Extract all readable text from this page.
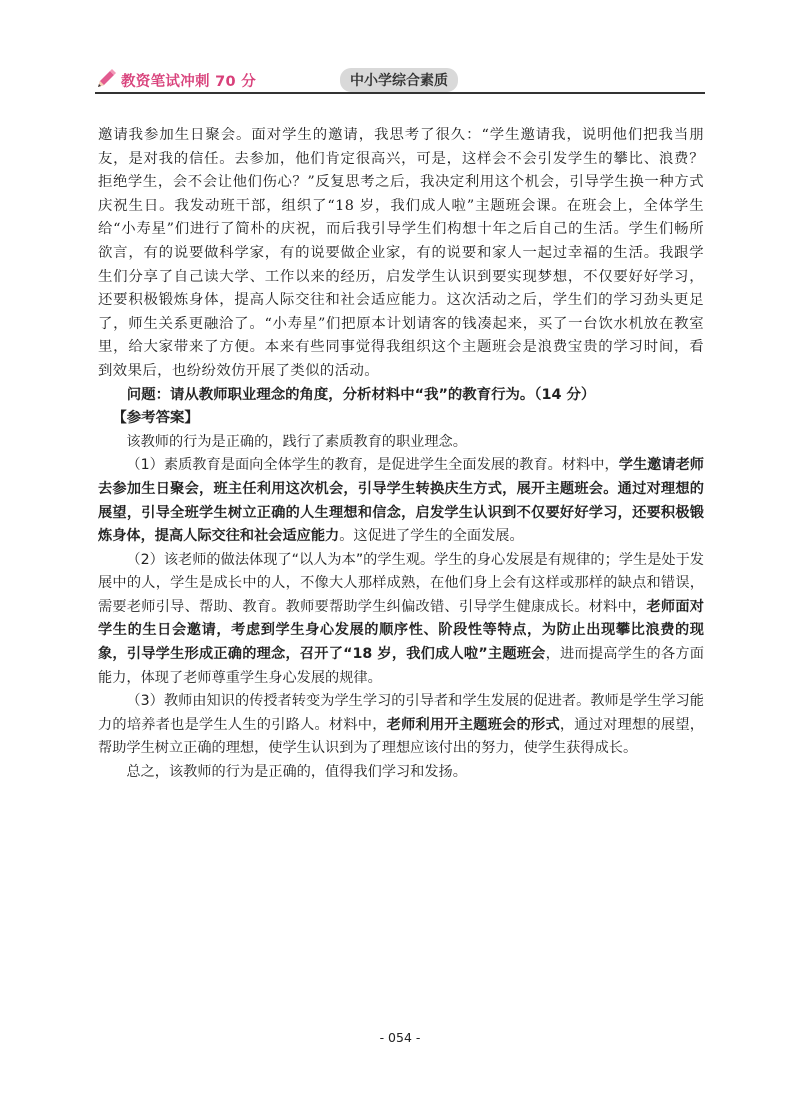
教资笔试冲刺 70 分	中小学综合素质

邀请我参加生日聚会。面对学生的邀请，我思考了很久：“学生邀请我，说明他们把我当朋友，是对我的信任。去参加，他们肯定很高兴，可是，这样会不会引发学生的攀比、浪费？拒绝学生，会不会让他们伤心？”反复思考之后，我决定利用这个机会，引导学生换一种方式庆祝生日。我发动班干部，组织了“18 岁，我们成人啦”主题班会课。在班会上，全体学生给“小寿星”们进行了简朴的庆祝，而后我引导学生们构想十年之后自己的生活。学生们畅所欲言，有的说要做科学家，有的说要做企业家，有的说要和家人一起过幸福的生活。我跟学生们分享了自己读大学、工作以来的经历，启发学生认识到要实现梦想，不仅要好好学习，还要积极锻炼身体，提高人际交往和社会适应能力。这次活动之后，学生们的学习劲头更足了，师生关系更融洽了。“小寿星”们把原本计划请客的钱凑起来，买了一台饮水机放在教室里，给大家带来了方便。本来有些同事觉得我组织这个主题班会是浪费宝贵的学习时间，看到效果后，也纷纷效仿开展了类似的活动。

问题：请从教师职业理念的角度，分析材料中“我”的教育行为。（14 分）

【参考答案】

该教师的行为是正确的，践行了素质教育的职业理念。

（1）素质教育是面向全体学生的教育，是促进学生全面发展的教育。材料中，学生邀请老师去参加生日聚会，班主任利用这次机会，引导学生转换庆生方式，展开主题班会。通过对理想的展望，引导全班学生树立正确的人生理想和信念，启发学生认识到不仅要好好学习，还要积极锻炼身体，提高人际交往和社会适应能力。这促进了学生的全面发展。

（2）该老师的做法体现了“以人为本”的学生观。学生的身心发展是有规律的；学生是处于发展中的人，学生是成长中的人，不像大人那样成熟，在他们身上会有这样或那样的缺点和错误，需要老师引导、帮助、教育。教师要帮助学生纠偏改错、引导学生健康成长。材料中，老师面对学生的生日会邀请，考虑到学生身心发展的顺序性、阶段性等特点，为防止出现攀比浪费的现象，引导学生形成正确的理念，召开了“18 岁，我们成人啦”主题班会，进而提高学生的各方面能力，体现了老师尊重学生身心发展的规律。

（3）教师由知识的传授者转变为学生学习的引导者和学生发展的促进者。教师是学生学习能力的培养者也是学生人生的引路人。材料中，老师利用开主题班会的形式，通过对理想的展望，帮助学生树立正确的理想，使学生认识到为了理想应该付出的努力，使学生获得成长。

总之，该教师的行为是正确的，值得我们学习和发扬。

- 054 -
